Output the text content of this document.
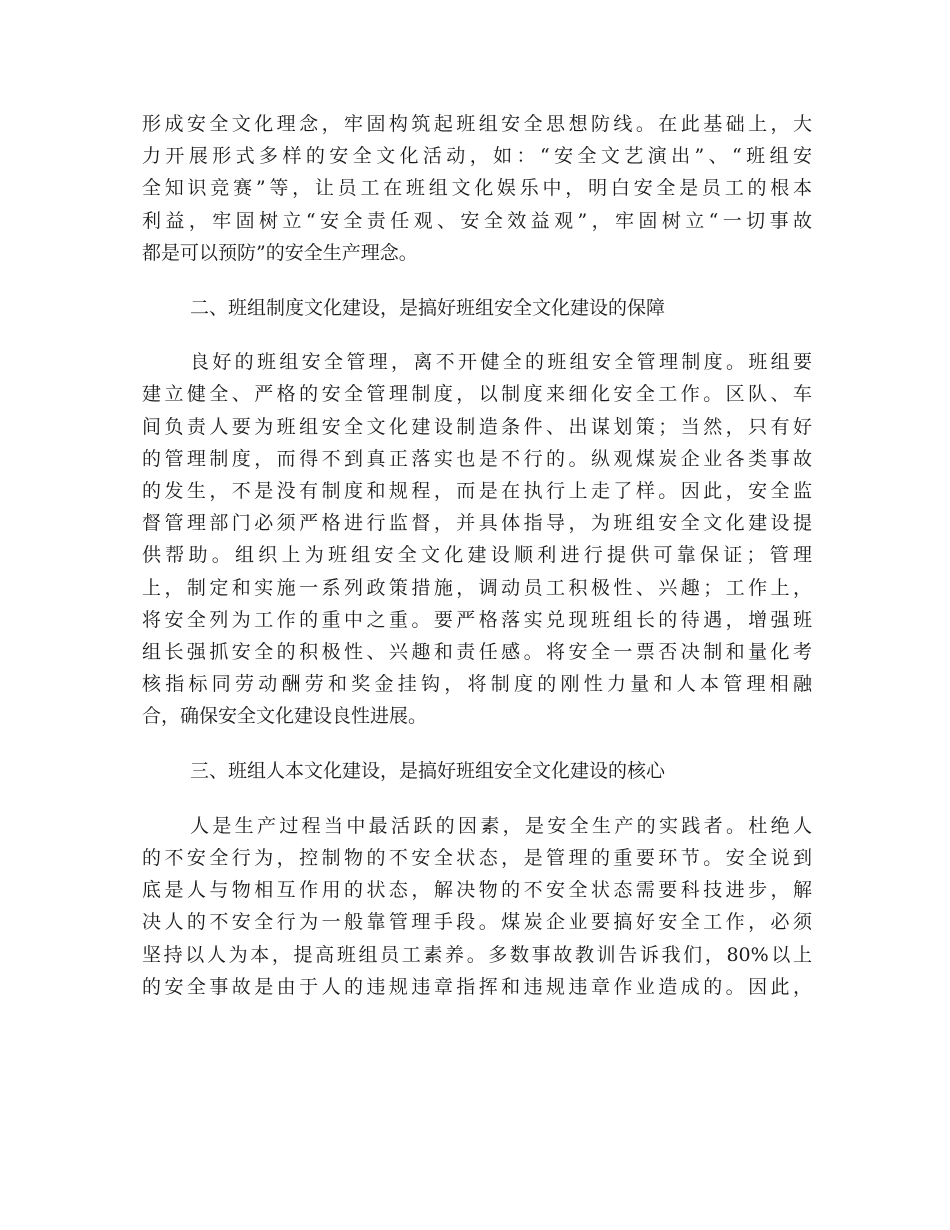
形成安全文化理念，牢固构筑起班组安全思想防线。在此基础上，大
力开展形式多样的安全文化活动，如：“安全文艺演出”、“班组安
全知识竞赛”等，让员工在班组文化娱乐中，明白安全是员工的根本
利益，牢固树立“安全责任观、安全效益观”，牢固树立“一切事故
都是可以预防”的安全生产理念。

二、班组制度文化建设，是搞好班组安全文化建设的保障

良好的班组安全管理，离不开健全的班组安全管理制度。班组要
建立健全、严格的安全管理制度，以制度来细化安全工作。区队、车
间负责人要为班组安全文化建设制造条件、出谋划策；当然，只有好
的管理制度，而得不到真正落实也是不行的。纵观煤炭企业各类事故
的发生，不是没有制度和规程，而是在执行上走了样。因此，安全监
督管理部门必须严格进行监督，并具体指导，为班组安全文化建设提
供帮助。组织上为班组安全文化建设顺利进行提供可靠保证；管理
上，制定和实施一系列政策措施，调动员工积极性、兴趣；工作上，
将安全列为工作的重中之重。要严格落实兑现班组长的待遇，增强班
组长强抓安全的积极性、兴趣和责任感。将安全一票否决制和量化考
核指标同劳动酬劳和奖金挂钩，将制度的刚性力量和人本管理相融
合，确保安全文化建设良性进展。

三、班组人本文化建设，是搞好班组安全文化建设的核心

人是生产过程当中最活跃的因素，是安全生产的实践者。杜绝人
的不安全行为，控制物的不安全状态，是管理的重要环节。安全说到
底是人与物相互作用的状态，解决物的不安全状态需要科技进步，解
决人的不安全行为一般靠管理手段。煤炭企业要搞好安全工作，必须
坚持以人为本，提高班组员工素养。多数事故教训告诉我们，80%以上
的安全事故是由于人的违规违章指挥和违规违章作业造成的。因此，
